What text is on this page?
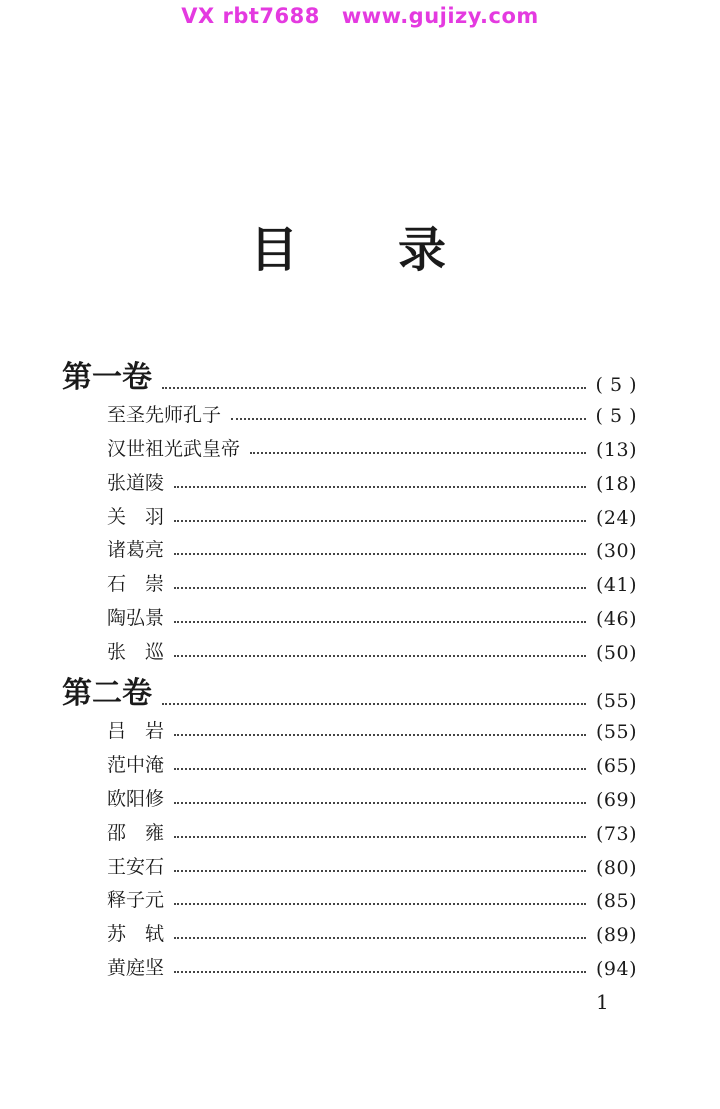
VX rbt7688 www.gujizy.com
目 录
第一卷	( 5 )
至圣先师孔子	( 5 )
汉世祖光武皇帝	(13)
张道陵	(18)
关　羽	(24)
诸葛亮	(30)
石　崇	(41)
陶弘景	(46)
张　巡	(50)
第二卷	(55)
吕　岩	(55)
范中淹	(65)
欧阳修	(69)
邵　雍	(73)
王安石	(80)
释子元	(85)
苏　轼	(89)
黄庭坚	(94)
1
